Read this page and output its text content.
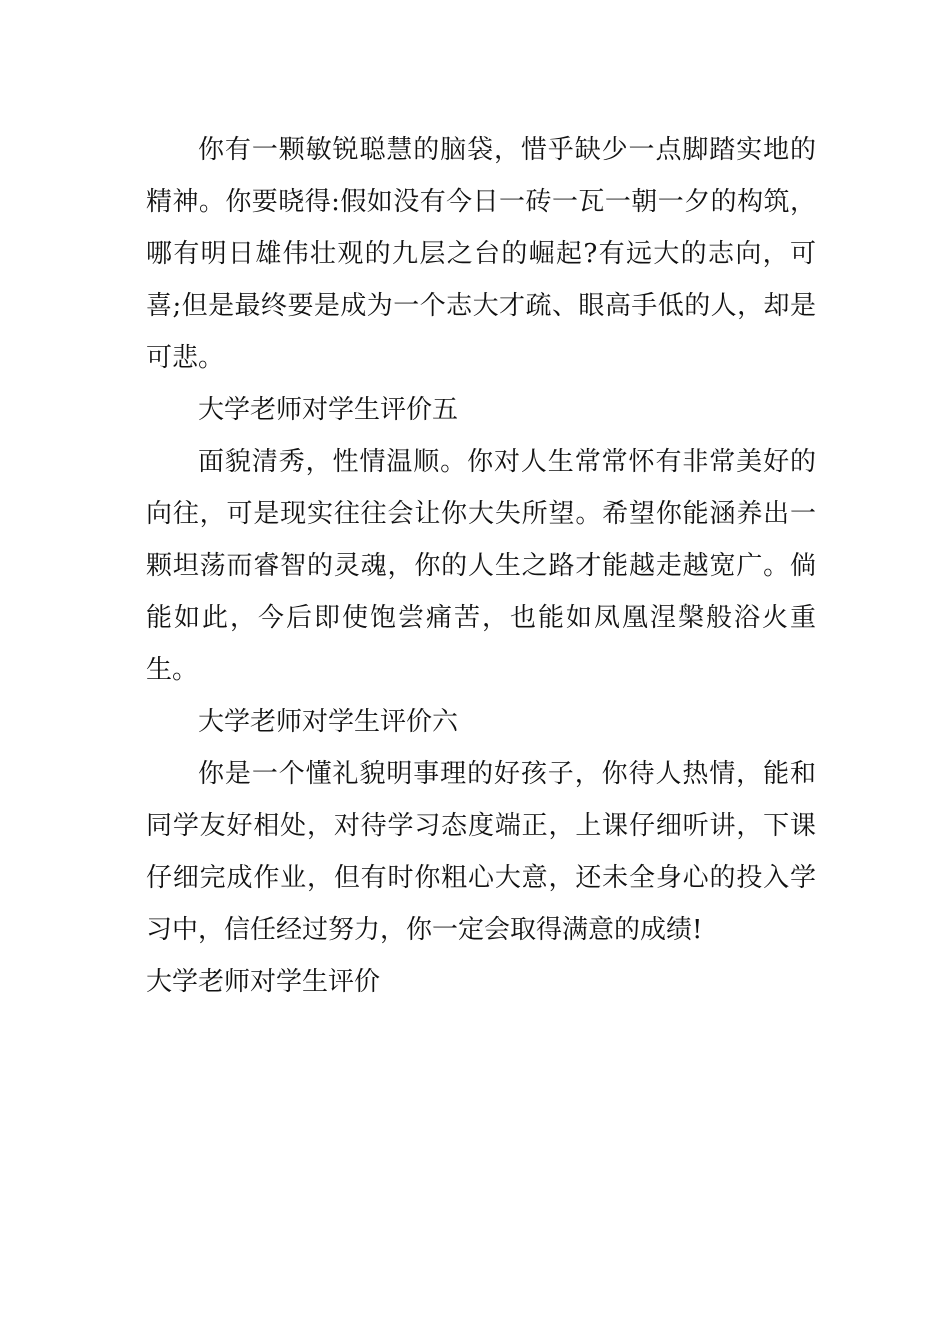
你有一颗敏锐聪慧的脑袋，惜乎缺少一点脚踏实地的精神。你要晓得:假如没有今日一砖一瓦一朝一夕的构筑，哪有明日雄伟壮观的九层之台的崛起?有远大的志向，可喜;但是最终要是成为一个志大才疏、眼高手低的人，却是可悲。

大学老师对学生评价五

面貌清秀，性情温顺。你对人生常常怀有非常美好的向往，可是现实往往会让你大失所望。希望你能涵养出一颗坦荡而睿智的灵魂，你的人生之路才能越走越宽广。倘能如此，今后即使饱尝痛苦，也能如凤凰涅槃般浴火重生。

大学老师对学生评价六

你是一个懂礼貌明事理的好孩子，你待人热情，能和同学友好相处，对待学习态度端正，上课仔细听讲，下课仔细完成作业，但有时你粗心大意，还未全身心的投入学习中，信任经过努力，你一定会取得满意的成绩!

大学老师对学生评价
